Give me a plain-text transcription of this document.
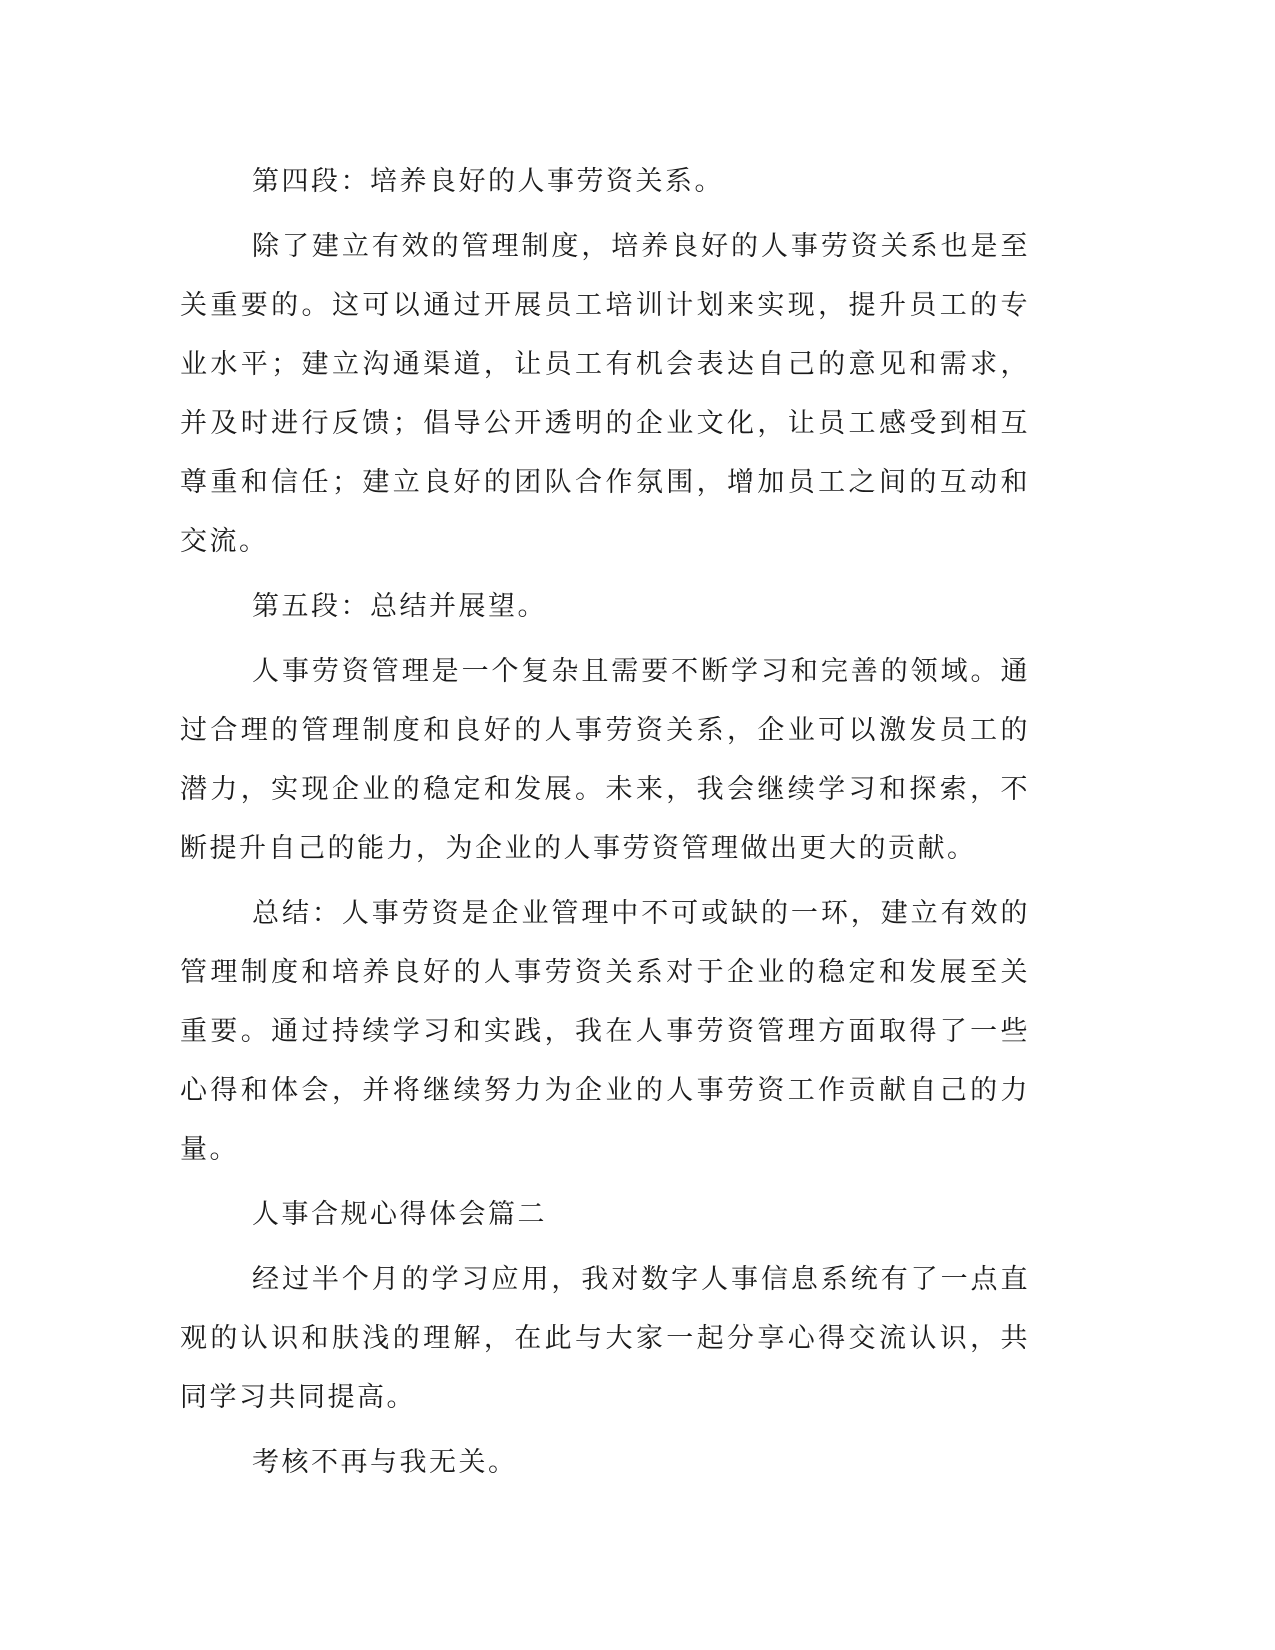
第四段：培养良好的人事劳资关系。

除了建立有效的管理制度，培养良好的人事劳资关系也是至关重要的。这可以通过开展员工培训计划来实现，提升员工的专业水平；建立沟通渠道，让员工有机会表达自己的意见和需求，并及时进行反馈；倡导公开透明的企业文化，让员工感受到相互尊重和信任；建立良好的团队合作氛围，增加员工之间的互动和交流。

第五段：总结并展望。

人事劳资管理是一个复杂且需要不断学习和完善的领域。通过合理的管理制度和良好的人事劳资关系，企业可以激发员工的潜力，实现企业的稳定和发展。未来，我会继续学习和探索，不断提升自己的能力，为企业的人事劳资管理做出更大的贡献。

总结：人事劳资是企业管理中不可或缺的一环，建立有效的管理制度和培养良好的人事劳资关系对于企业的稳定和发展至关重要。通过持续学习和实践，我在人事劳资管理方面取得了一些心得和体会，并将继续努力为企业的人事劳资工作贡献自己的力量。

人事合规心得体会篇二

经过半个月的学习应用，我对数字人事信息系统有了一点直观的认识和肤浅的理解，在此与大家一起分享心得交流认识，共同学习共同提高。

考核不再与我无关。
